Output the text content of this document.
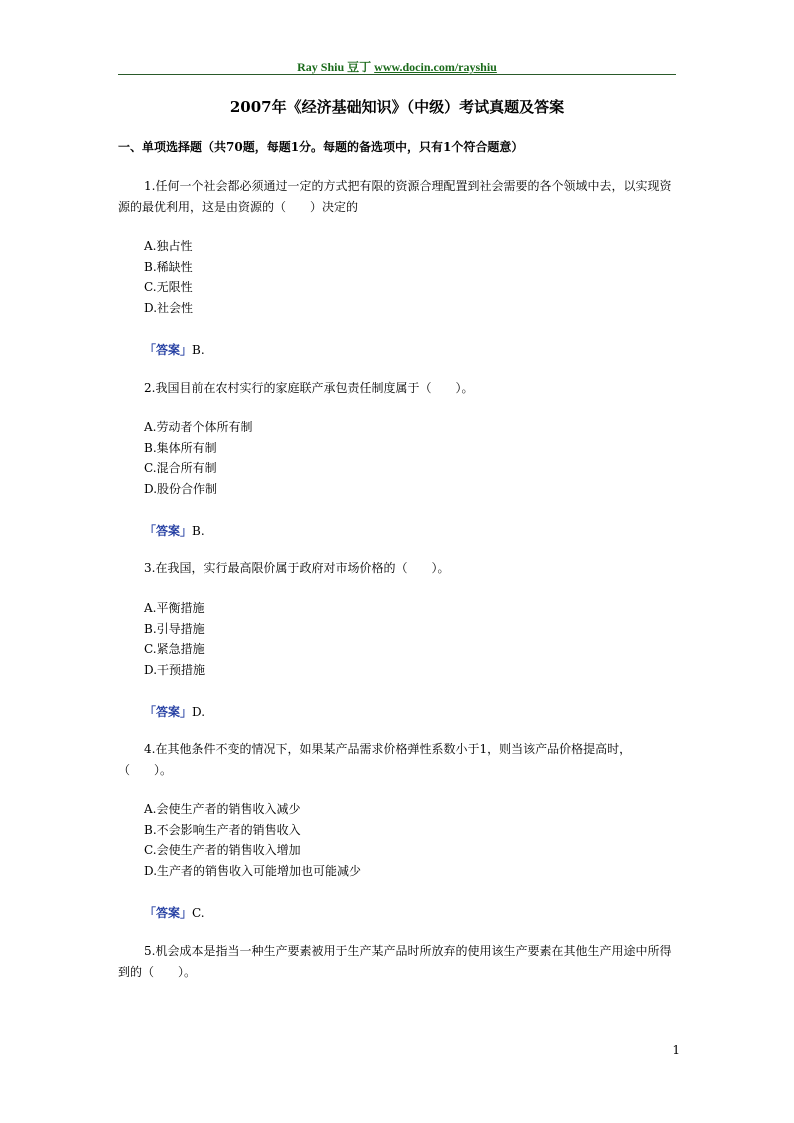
Ray Shiu 豆丁 www.docin.com/rayshiu
2007年《经济基础知识》（中级）考试真题及答案
一、单项选择题（共70题，每题1分。每题的备选项中，只有1个符合题意）
1.任何一个社会都必须通过一定的方式把有限的资源合理配置到社会需要的各个领域中去，以实现资源的最优利用，这是由资源的（　　）决定的
A.独占性
B.稀缺性
C.无限性
D.社会性
「答案」B.
2.我国目前在农村实行的家庭联产承包责任制度属于（　　）。
A.劳动者个体所有制
B.集体所有制
C.混合所有制
D.股份合作制
「答案」B.
3.在我国，实行最高限价属于政府对市场价格的（　　）。
A.平衡措施
B.引导措施
C.紧急措施
D.干预措施
「答案」D.
4.在其他条件不变的情况下，如果某产品需求价格弹性系数小于1，则当该产品价格提高时，（　　）。
A.会使生产者的销售收入减少
B.不会影响生产者的销售收入
C.会使生产者的销售收入增加
D.生产者的销售收入可能增加也可能减少
「答案」C.
5.机会成本是指当一种生产要素被用于生产某产品时所放弃的使用该生产要素在其他生产用途中所得到的（　　）。
1
